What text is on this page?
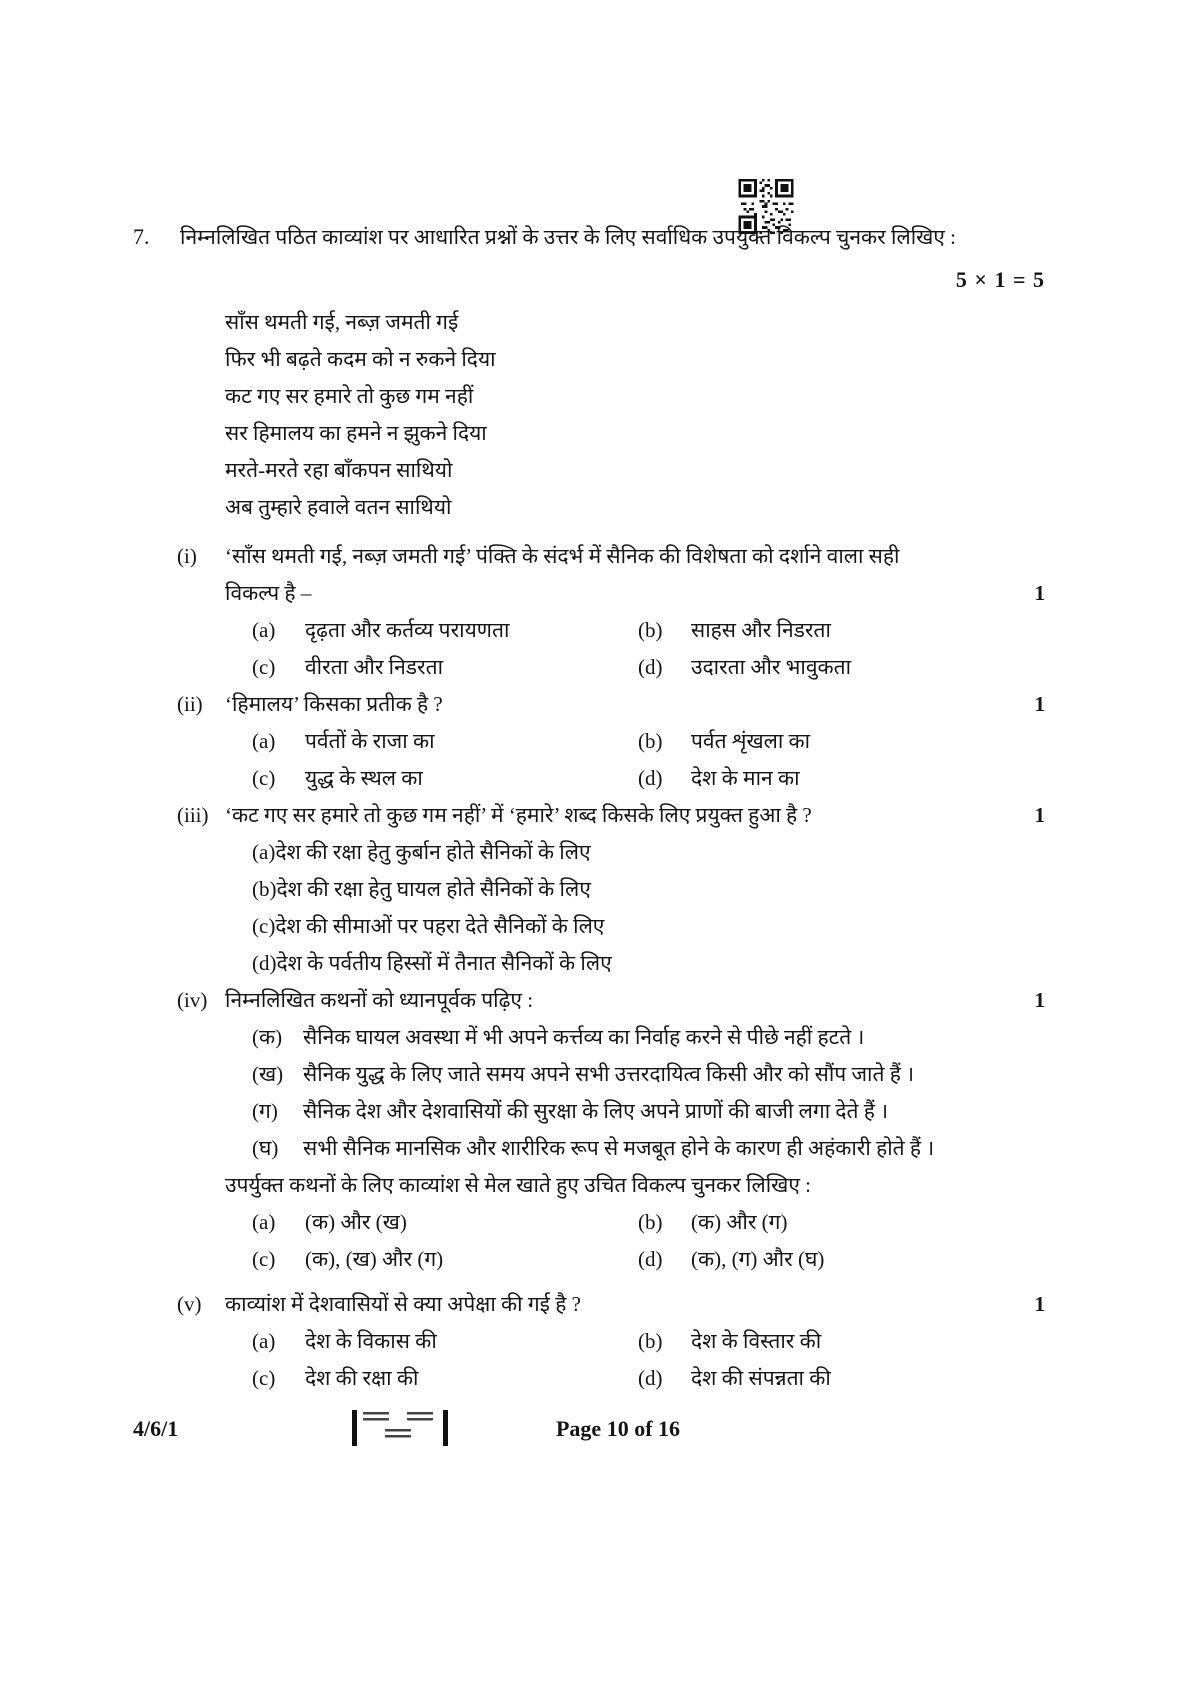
7.	निम्नलिखित पठित काव्यांश पर आधारित प्रश्नों के उत्तर के लिए सर्वाधिक उपयुक्त विकल्प चुनकर लिखिए :
5 × 1 = 5
साँस थमती गई, नब्ज़ जमती गई
फिर भी बढ़ते कदम को न रुकने दिया
कट गए सर हमारे तो कुछ गम नहीं
सर हिमालय का हमने न झुकने दिया
मरते-मरते रहा बाँकपन साथियो
अब तुम्हारे हवाले वतन साथियो
(i)	‘साँस थमती गई, नब्ज़ जमती गई’ पंक्ति के संदर्भ में सैनिक की विशेषता को दर्शाने वाला सही
विकल्प है –	1
(a) दृढ़ता और कर्तव्य परायणता	(b) साहस और निडरता
(c) वीरता और निडरता	(d) उदारता और भावुकता
(ii)	‘हिमालय’ किसका प्रतीक है ?	1
(a) पर्वतों के राजा का	(b) पर्वत शृंखला का
(c) युद्ध के स्थल का	(d) देश के मान का
(iii) ‘कट गए सर हमारे तो कुछ गम नहीं’ में ‘हमारे’ शब्द किसके लिए प्रयुक्त हुआ है ?	1
(a)देश की रक्षा हेतु कुर्बान होते सैनिकों के लिए
(b)देश की रक्षा हेतु घायल होते सैनिकों के लिए
(c)देश की सीमाओं पर पहरा देते सैनिकों के लिए
(d)देश के पर्वतीय हिस्सों में तैनात सैनिकों के लिए
(iv) निम्नलिखित कथनों को ध्यानपूर्वक पढ़िए :	1
(क) सैनिक घायल अवस्था में भी अपने कर्त्तव्य का निर्वाह करने से पीछे नहीं हटते ।
(ख) सैनिक युद्ध के लिए जाते समय अपने सभी उत्तरदायित्व किसी और को सौंप जाते हैं ।
(ग) सैनिक देश और देशवासियों की सुरक्षा के लिए अपने प्राणों की बाजी लगा देते हैं ।
(घ) सभी सैनिक मानसिक और शारीरिक रूप से मजबूत होने के कारण ही अहंकारी होते हैं ।
उपर्युक्त कथनों के लिए काव्यांश से मेल खाते हुए उचित विकल्प चुनकर लिखिए :
(a) (क) और (ख)	(b) (क) और (ग)
(c) (क), (ख) और (ग)	(d) (क), (ग) और (घ)
(v)	काव्यांश में देशवासियों से क्या अपेक्षा की गई है ?	1
(a) देश के विकास की	(b) देश के विस्तार की
(c) देश की रक्षा की	(d) देश की संपन्नता की
4/6/1	Page 10 of 16
